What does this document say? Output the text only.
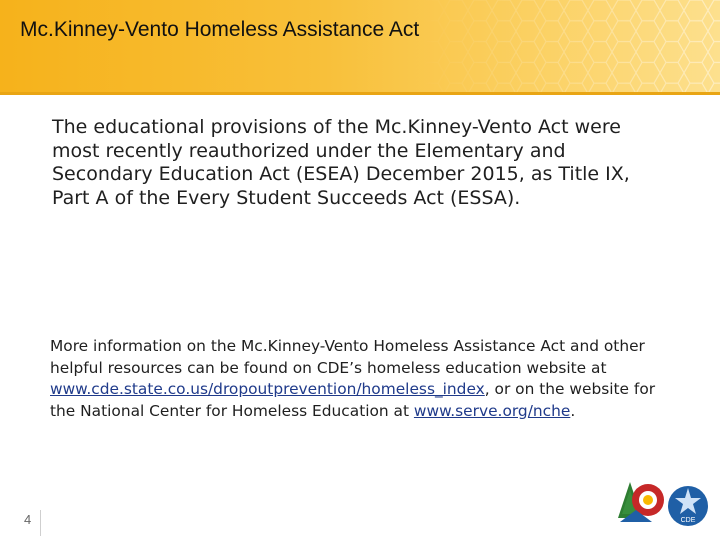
Mc.Kinney-Vento Homeless Assistance Act
The educational provisions of the Mc.Kinney-Vento Act were most recently reauthorized under the Elementary and Secondary Education Act (ESEA) December 2015, as Title IX, Part A of the Every Student Succeeds Act (ESSA).
More information on the Mc.Kinney-Vento Homeless Assistance Act and other helpful resources can be found on CDE’s homeless education website at www.cde.state.co.us/dropoutprevention/homeless_index, or on the website for the National Center for Homeless Education at www.serve.org/nche.
4	CDE
